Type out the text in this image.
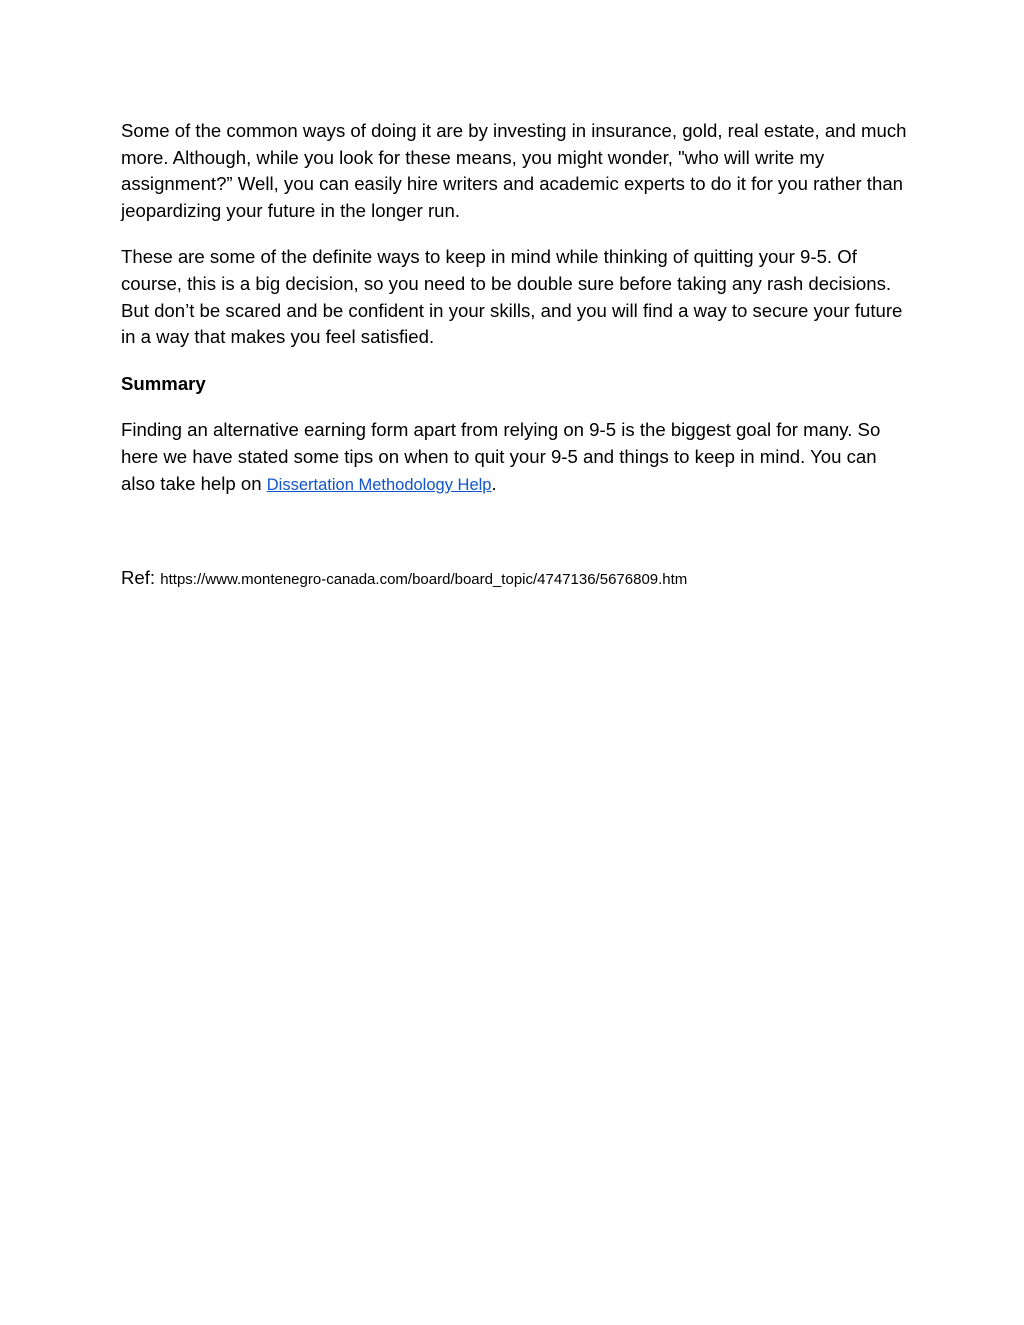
Some of the common ways of doing it are by investing in insurance, gold, real estate, and much more. Although, while you look for these means, you might wonder, "who will write my assignment?” Well, you can easily hire writers and academic experts to do it for you rather than jeopardizing your future in the longer run.

These are some of the definite ways to keep in mind while thinking of quitting your 9-5. Of course, this is a big decision, so you need to be double sure before taking any rash decisions. But don’t be scared and be confident in your skills, and you will find a way to secure your future in a way that makes you feel satisfied.

Summary

Finding an alternative earning form apart from relying on 9-5 is the biggest goal for many. So here we have stated some tips on when to quit your 9-5 and things to keep in mind. You can also take help on Dissertation Methodology Help.

Ref: https://www.montenegro-canada.com/board/board_topic/4747136/5676809.htm
